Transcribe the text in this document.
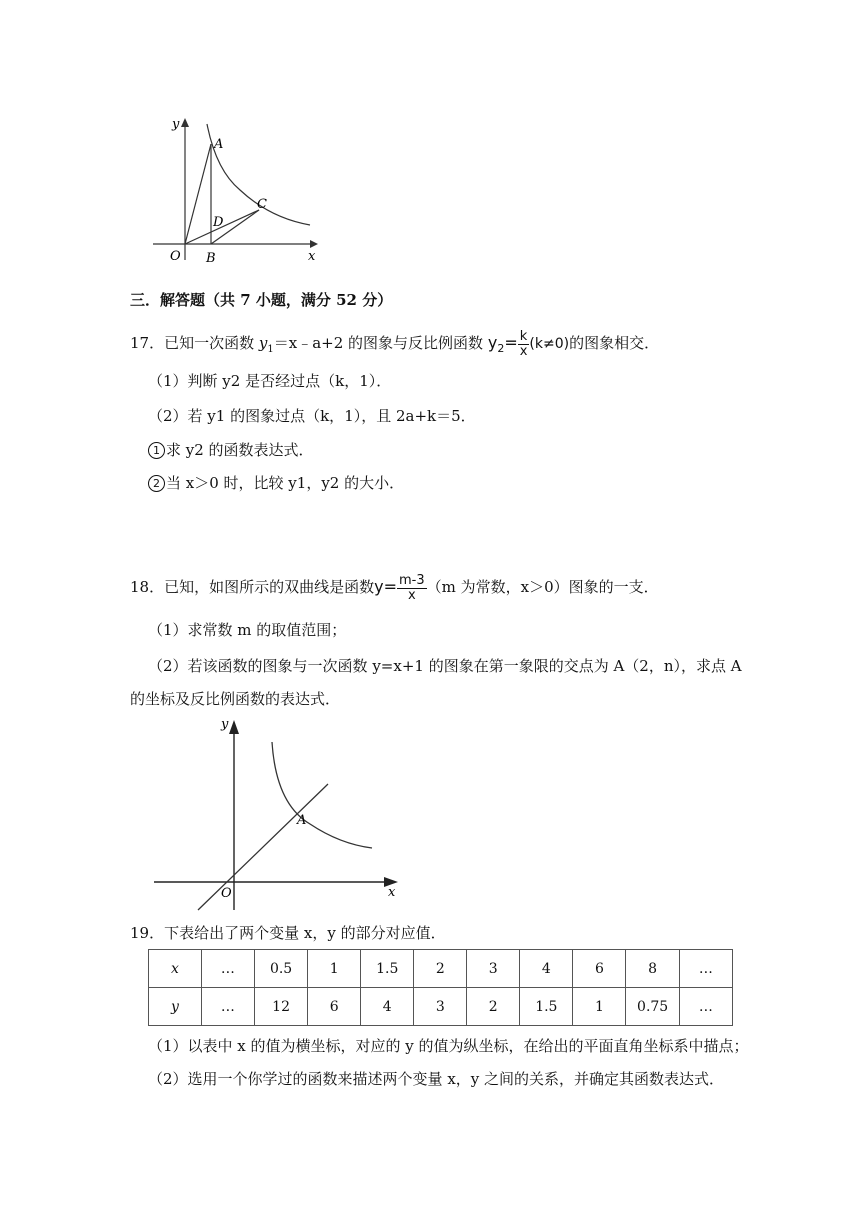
y
x
O
A
B
C
D
三．解答题（共 7 小题，满分 52 分）
17．已知一次函数 $y_1=x﹣a+2$ 的图象与反比例函数 $y_2= \frac{k}{x} (k\ne 0)$的图象相交．
（1）判断 y2 是否经过点（k，1）．
（2）若 y1 的图象过点（k，1），且 2a+k＝5．
1 求 y2 的函数表达式．
2 当 x＞0 时，比较 y1，y2 的大小．
18．已知，如图所示的双曲线是函数$y= \frac{m-3}{x} (m$ 为常数，x＞0）图象的一支．
（1）求常数 m 的取值范围；
（2）若该函数的图象与一次函数 y=x+1 的图象在第一象限的交点为 A（2，n），求点 A
的坐标及反比例函数的表达式．
y
x
O
A
19．下表给出了两个变量 x，y 的部分对应值．
x	…	0.5	1	1.5	2	3	4	6	8	…
y	…	12	6	4	3	2	1.5	1	0.75	…
（1）以表中 x 的值为横坐标，对应的 y 的值为纵坐标，在给出的平面直角坐标系中描点；
（2）选用一个你学过的函数来描述两个变量 x，y 之间的关系，并确定其函数表达式．
